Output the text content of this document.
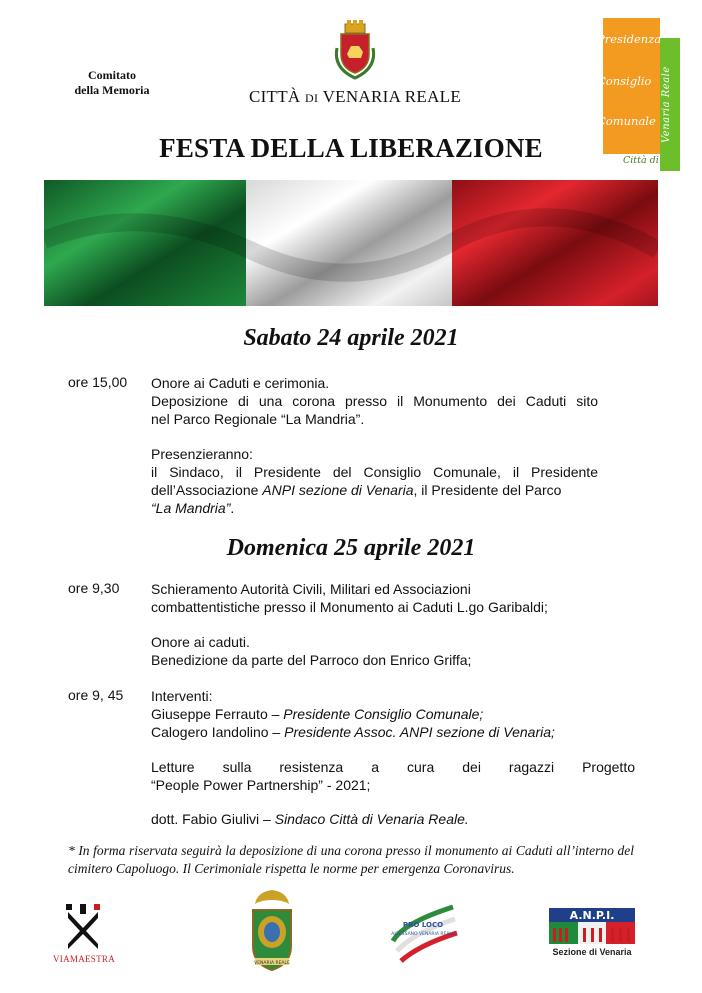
Comitato
della Memoria	CITTÀ DI VENARIA REALE
Presidenza
Consiglio
Comunale
Città di
Venaria Reale
FESTA DELLA LIBERAZIONE
Sabato 24 aprile 2021
ore 15,00 Onore ai Caduti e cerimonia.
Deposizione di una corona presso il Monumento dei Caduti sito
nel Parco Regionale “La Mandria”.
Presenzieranno:
il Sindaco, il Presidente del Consiglio Comunale, il Presidente
dell’Associazione ANPI sezione di Venaria, il Presidente del Parco
“La Mandria”.
Domenica 25 aprile 2021
ore 9,30 Schieramento Autorità Civili, Militari ed Associazioni
combattentistiche presso il Monumento ai Caduti L.go Garibaldi;
Onore ai caduti.
Benedizione da parte del Parroco don Enrico Griffa;
ore 9, 45 Interventi:
Giuseppe Ferrauto – Presidente Consiglio Comunale;
Calogero Iandolino – Presidente Assoc. ANPI sezione di Venaria;
Letture sulla resistenza a cura dei ragazzi Progetto
“People Power Partnership” - 2021;
dott. Fabio Giulivi – Sindaco Città di Venaria Reale.
* In forma riservata seguirà la deposizione di una corona presso il monumento ai Caduti all’interno del cimitero Capoluogo. Il Cerimoniale rispetta le norme per emergenza Coronavirus.
VIAMAESTRA	VENARIA REALE
PRO LOCO
ALTESSANO VENARIA REALE
A.N.P.I.
Sezione di Venaria
